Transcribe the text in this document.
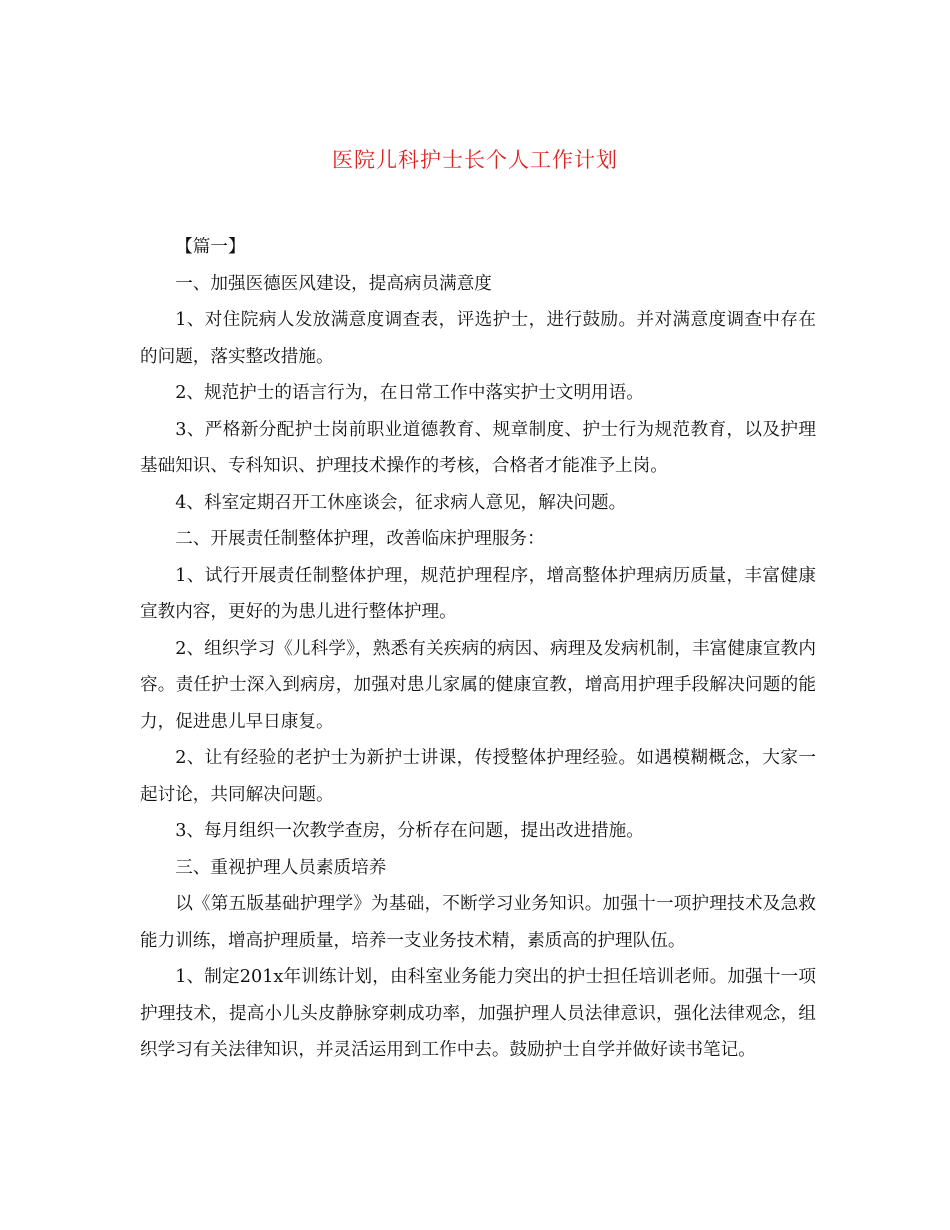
医院儿科护士长个人工作计划

【篇一】

一、加强医德医风建设，提高病员满意度

1、对住院病人发放满意度调查表，评选护士，进行鼓励。并对满意度调查中存在的问题，落实整改措施。

2、规范护士的语言行为，在日常工作中落实护士文明用语。

3、严格新分配护士岗前职业道德教育、规章制度、护士行为规范教育，以及护理基础知识、专科知识、护理技术操作的考核，合格者才能准予上岗。

4、科室定期召开工休座谈会，征求病人意见，解决问题。

二、开展责任制整体护理，改善临床护理服务：

1、试行开展责任制整体护理，规范护理程序，增高整体护理病历质量，丰富健康宣教内容，更好的为患儿进行整体护理。

2、组织学习《儿科学》，熟悉有关疾病的病因、病理及发病机制，丰富健康宣教内容。责任护士深入到病房，加强对患儿家属的健康宣教，增高用护理手段解决问题的能力，促进患儿早日康复。

2、让有经验的老护士为新护士讲课，传授整体护理经验。如遇模糊概念，大家一起讨论，共同解决问题。

3、每月组织一次教学查房，分析存在问题，提出改进措施。

三、重视护理人员素质培养

以《第五版基础护理学》为基础，不断学习业务知识。加强十一项护理技术及急救能力训练，增高护理质量，培养一支业务技术精，素质高的护理队伍。

1、制定201x年训练计划，由科室业务能力突出的护士担任培训老师。加强十一项护理技术，提高小儿头皮静脉穿刺成功率，加强护理人员法律意识，强化法律观念，组织学习有关法律知识，并灵活运用到工作中去。鼓励护士自学并做好读书笔记。
